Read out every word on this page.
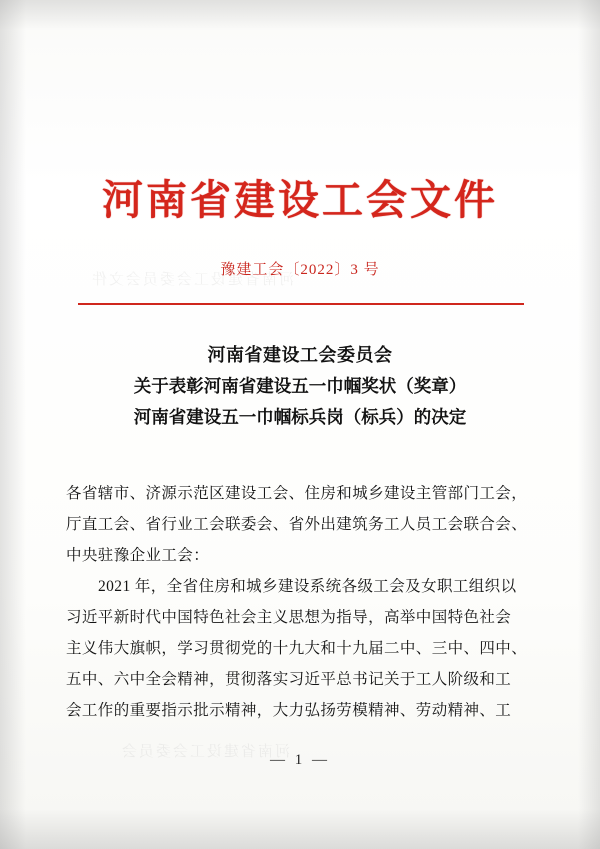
河南省建设工会委员会文件
河南省建设工会委员会
河南省建设工会文件
豫建工会〔2022〕3 号
河南省建设工会委员会
关于表彰河南省建设五一巾帼奖状（奖章）
河南省建设五一巾帼标兵岗（标兵）的决定

各省辖市、济源示范区建设工会、住房和城乡建设主管部门工会，

厅直工会、省行业工会联委会、省外出建筑务工人员工会联合会、

中央驻豫企业工会：

2021 年，全省住房和城乡建设系统各级工会及女职工组织以

习近平新时代中国特色社会主义思想为指导，高举中国特色社会

主义伟大旗帜，学习贯彻党的十九大和十九届二中、三中、四中、

五中、六中全会精神，贯彻落实习近平总书记关于工人阶级和工

会工作的重要指示批示精神，大力弘扬劳模精神、劳动精神、工

— 1 —
